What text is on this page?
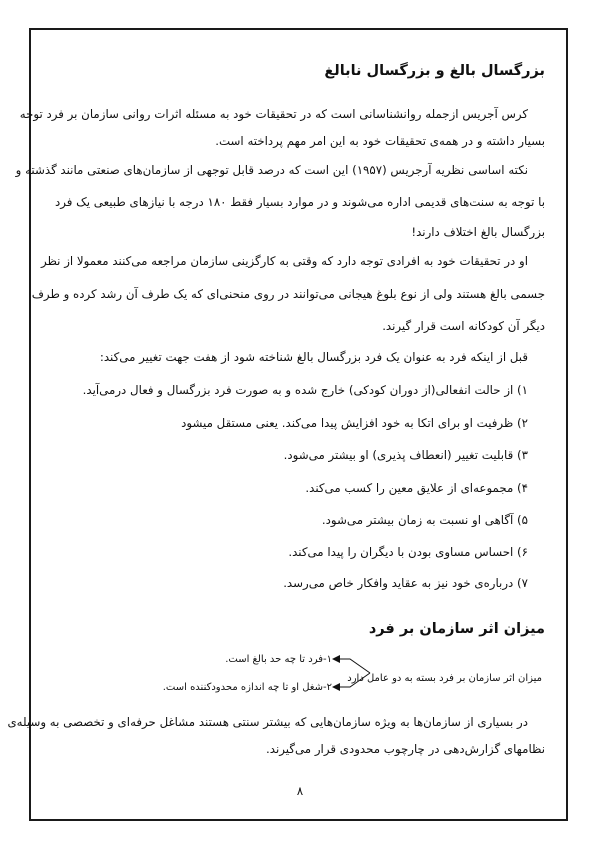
بزرگسال بالغ و بزرگسال نابالغ
کرس آجریس ازجمله روانشناسانی است که در تحقیقات خود به مسئله اثرات روانی سازمان بر فرد توجه
بسیار داشته و در همه‌ی تحقیقات خود به این امر مهم پرداخته است.
نکته اساسی نظریه آرجریس (۱۹۵۷) این است که درصد قابل توجهی از سازمان‌های صنعتی مانند گذشته و
با توجه به سنت‌های قدیمی اداره می‌شوند و در موارد بسیار فقط ۱۸۰ درجه با نیازهای طبیعی یک فرد
بزرگسال بالغ اختلاف دارند!
او در تحقیقات خود به افرادی توجه دارد که وقتی به کارگزینی سازمان مراجعه می‌کنند معمولا از نظر
جسمی بالغ هستند ولی از نوع بلوغ هیجانی می‌توانند در روی منحنی‌ای که یک طرف آن رشد کرده و طرف
دیگر آن کودکانه است قرار گیرند.
قبل از اینکه فرد به عنوان یک فرد بزرگسال بالغ شناخته شود از هفت جهت تغییر می‌کند:
۱) از حالت انفعالی(از دوران کودکی) خارج شده و به صورت فرد بزرگسال و فعال درمی‌آید.
۲) ظرفیت او برای اتکا به خود افزایش پیدا می‌کند. یعنی مستقل میشود
۳) قابلیت تغییر (انعطاف پذیری) او بیشتر می‌شود.
۴) مجموعه‌ای از علایق معین را کسب می‌کند.
۵) آگاهی او نسبت به زمان بیشتر می‌شود.
۶) احساس مساوی بودن با دیگران را پیدا می‌کند.
۷) درباره‌ی خود نیز به عقاید وافکار خاص می‌رسد.
میزان اثر سازمان بر فرد
میزان اثر سازمان بر فرد بسته به دو عامل دارد
۱-فرد تا چه حد بالغ است.
۲-شغل او تا چه اندازه محدودکننده است.
در بسیاری از سازمان‌ها به ویژه سازمان‌هایی که بیشتر سنتی هستند مشاغل حرفه‌ای و تخصصی به وسیله‌ی
نظامهای گزارش‌دهی در چارچوب محدودی قرار می‌گیرند.
۸
